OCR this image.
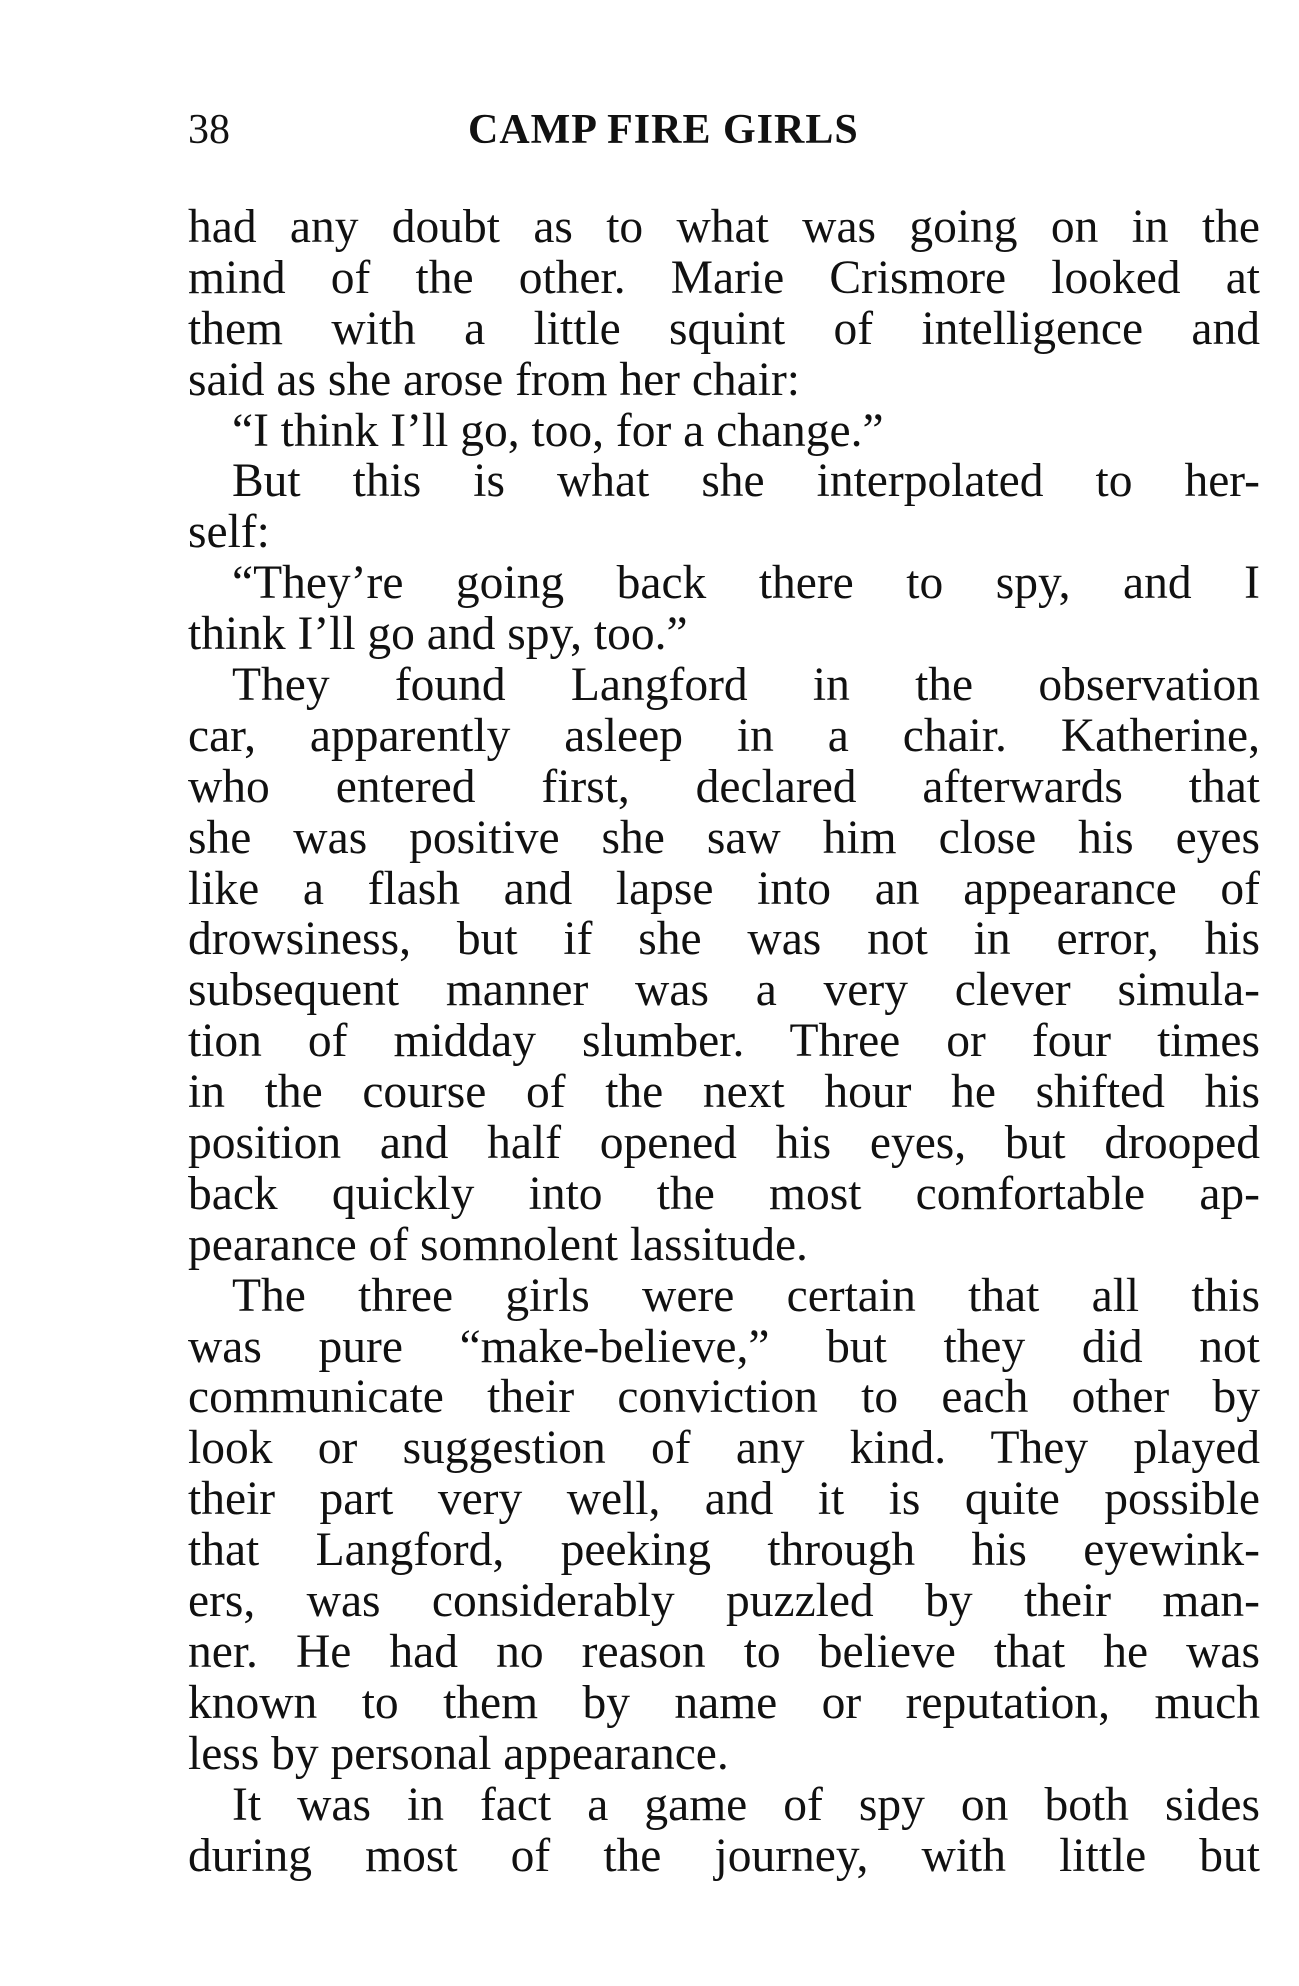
38	CAMP FIRE GIRLS
had any doubt as to what was going on in the
mind of the other. Marie Crismore looked at
them with a little squint of intelligence and
said as she arose from her chair:
“I think I’ll go, too, for a change.”
But this is what she interpolated to her-
self:
“They’re going back there to spy, and I
think I’ll go and spy, too.”
They found Langford in the observation
car, apparently asleep in a chair. Katherine,
who entered first, declared afterwards that
she was positive she saw him close his eyes
like a flash and lapse into an appearance of
drowsiness, but if she was not in error, his
subsequent manner was a very clever simula-
tion of midday slumber. Three or four times
in the course of the next hour he shifted his
position and half opened his eyes, but drooped
back quickly into the most comfortable ap-
pearance of somnolent lassitude.
The three girls were certain that all this
was pure “make-believe,” but they did not
communicate their conviction to each other by
look or suggestion of any kind. They played
their part very well, and it is quite possible
that Langford, peeking through his eyewink-
ers, was considerably puzzled by their man-
ner. He had no reason to believe that he was
known to them by name or reputation, much
less by personal appearance.
It was in fact a game of spy on both sides
during most of the journey, with little but
